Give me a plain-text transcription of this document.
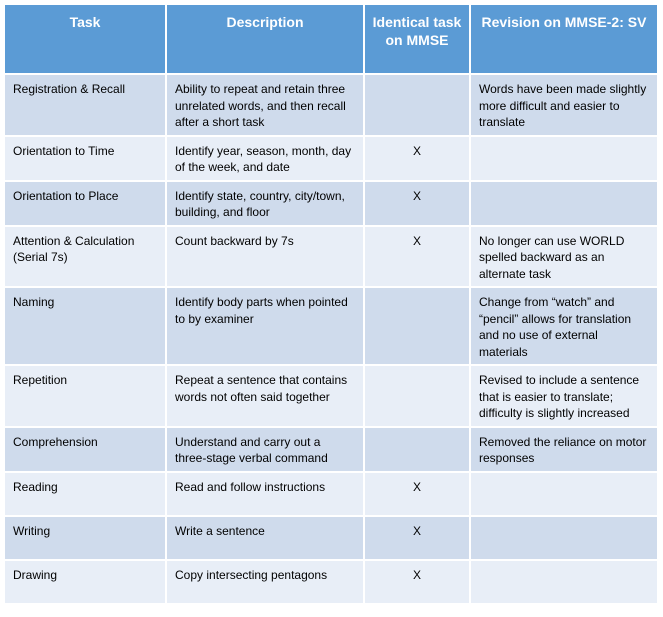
Task	Description	Identical task on MMSE	Revision on MMSE-2: SV
Registration & Recall	Ability to repeat and retain three unrelated words, and then recall after a short task		Words have been made slightly more difficult and easier to translate
Orientation to Time	Identify year, season, month, day of the week, and date	X	
Orientation to Place	Identify state, country, city/town, building, and floor	X	
Attention & Calculation (Serial 7s)	Count backward by 7s	X	No longer can use WORLD spelled backward as an alternate task
Naming	Identify body parts when pointed to by examiner		Change from “watch” and “pencil” allows for translation and no use of external materials
Repetition	Repeat a sentence that contains words not often said together		Revised to include a sentence that is easier to translate; difficulty is slightly increased
Comprehension	Understand and carry out a three-stage verbal command		Removed the reliance on motor responses
Reading	Read and follow instructions	X	
Writing	Write a sentence	X	
Drawing	Copy intersecting pentagons	X	
